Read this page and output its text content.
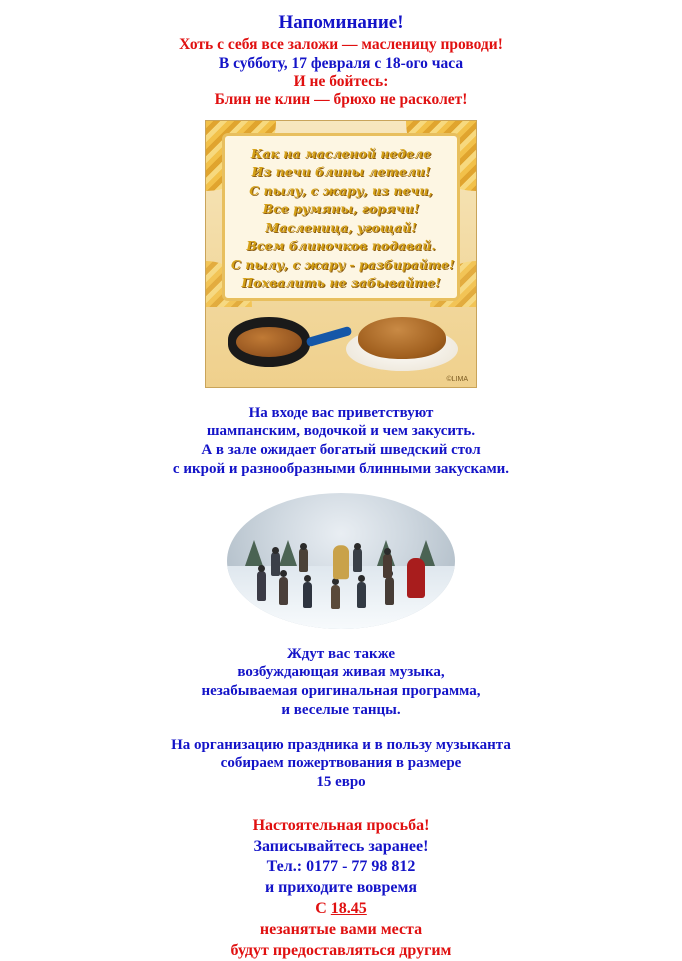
Напоминание!
Хоть с себя все заложи — масленицу проводи!
В субботу, 17 февраля с 18-ого часа
И не бойтесь:
Блин не клин — брюхо не расколет!
Как на масленой неделе
Из печи блины летели!
С пылу, с жару, из печи,
Все румяны, горячи!
Масленица, угощай!
Всем блиночков подавай.
С пылу, с жару - разбирайте!
Похвалить не забывайте!
©LIMA
На входе вас приветствуют
шампанским, водочкой и чем закусить.
А в зале ожидает богатый шведский стол
с икрой и разнообразными блинными закусками.
Ждут вас также
возбуждающая живая музыка,
незабываемая оригинальная программа,
и веселые танцы.
На организацию праздника и в пользу музыканта
собираем пожертвования в размере
15 евро
Настоятельная просьба!
Записывайтесь заранее!
Тел.: 0177 - 77 98 812
и приходите вовремя
С 18.45
незанятые вами места
будут предоставляться другим
